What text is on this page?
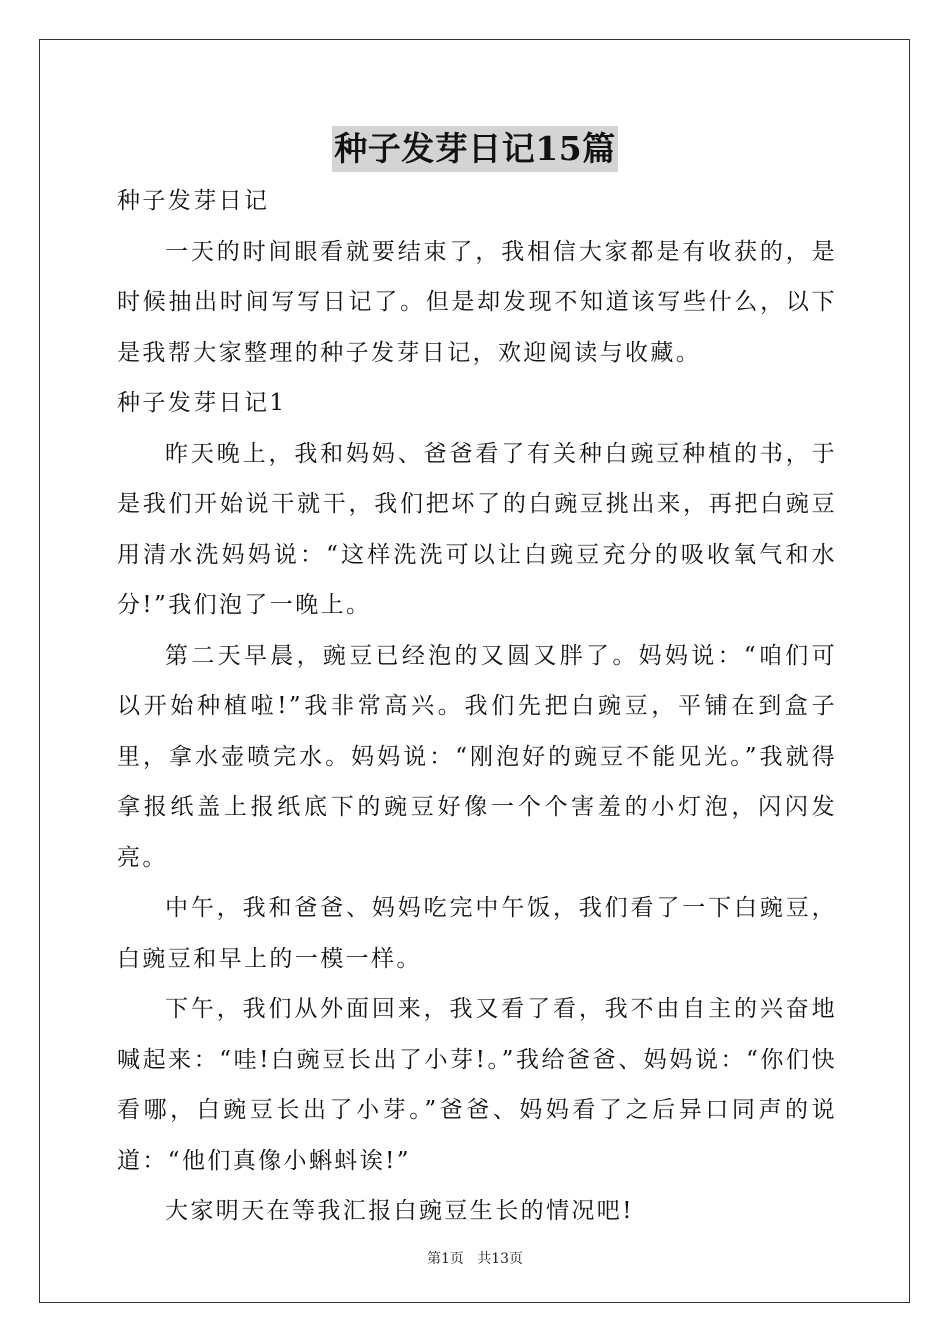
种子发芽日记15篇

种子发芽日记

一天的时间眼看就要结束了，我相信大家都是有收获的，是时候抽出时间写写日记了。但是却发现不知道该写些什么，以下是我帮大家整理的种子发芽日记，欢迎阅读与收藏。

种子发芽日记1

昨天晚上，我和妈妈、爸爸看了有关种白豌豆种植的书，于是我们开始说干就干，我们把坏了的白豌豆挑出来，再把白豌豆用清水洗妈妈说：“这样洗洗可以让白豌豆充分的吸收氧气和水分!”我们泡了一晚上。

第二天早晨，豌豆已经泡的又圆又胖了。妈妈说：“咱们可以开始种植啦!”我非常高兴。我们先把白豌豆，平铺在到盒子里，拿水壶喷完水。妈妈说：“刚泡好的豌豆不能见光。”我就得拿报纸盖上报纸底下的豌豆好像一个个害羞的小灯泡，闪闪发亮。

中午，我和爸爸、妈妈吃完中午饭，我们看了一下白豌豆，白豌豆和早上的一模一样。

下午，我们从外面回来，我又看了看，我不由自主的兴奋地喊起来：“哇!白豌豆长出了小芽!。”我给爸爸、妈妈说：“你们快看哪，白豌豆长出了小芽。”爸爸、妈妈看了之后异口同声的说道：“他们真像小蝌蚪诶!”

大家明天在等我汇报白豌豆生长的情况吧!

第1页   共13页
